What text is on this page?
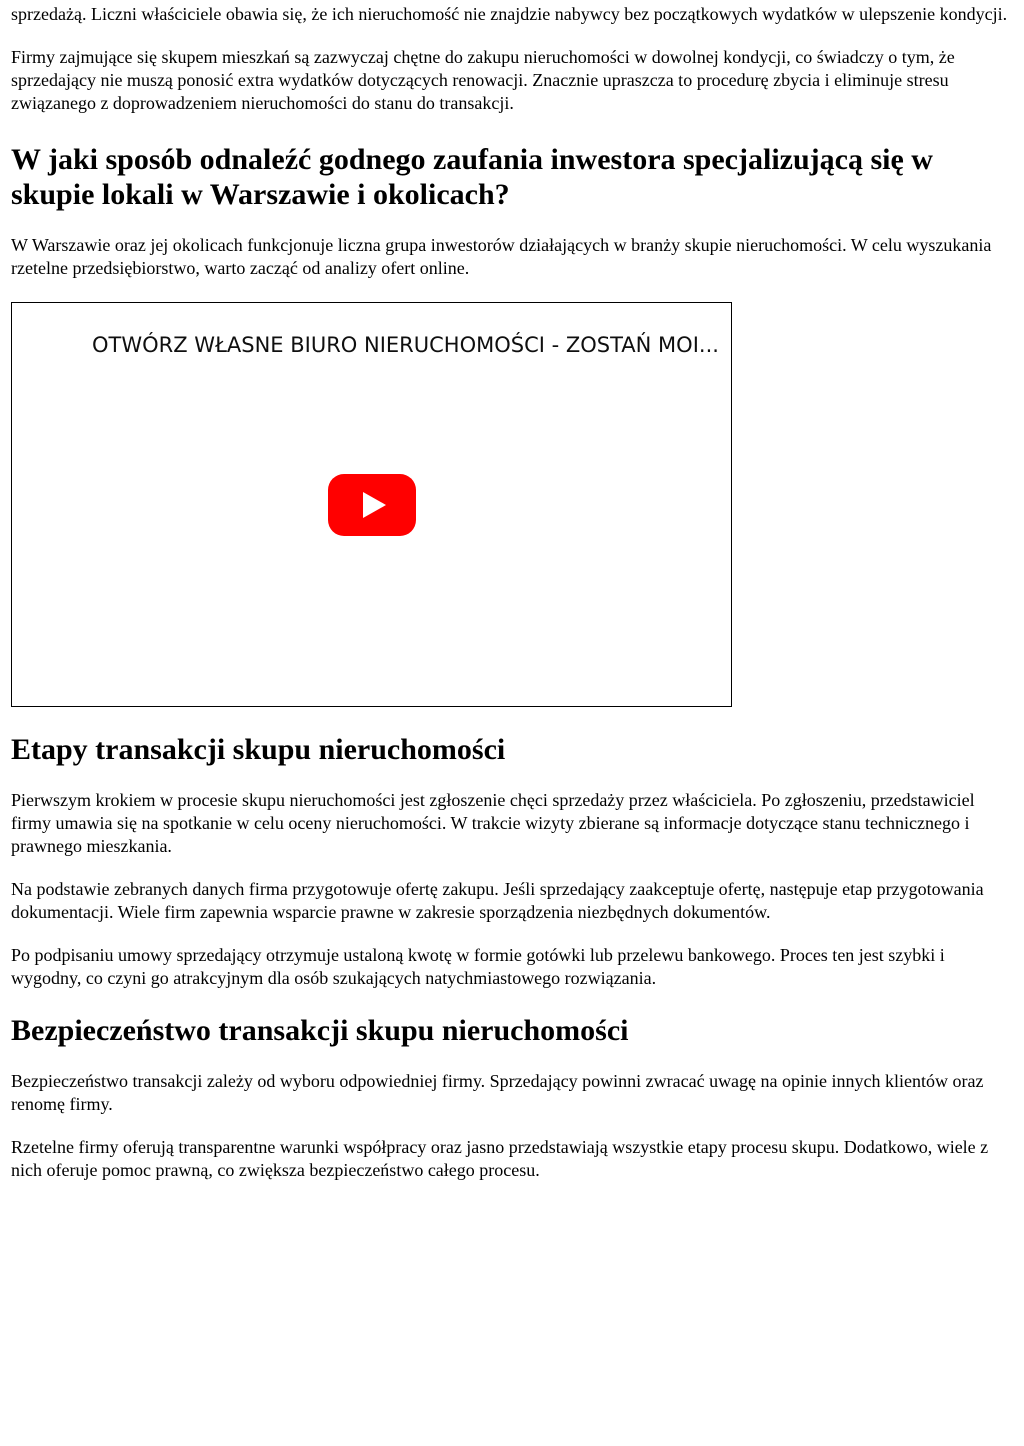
sprzedażą. Liczni właściciele obawia się, że ich nieruchomość nie znajdzie nabywcy bez początkowych wydatków w ulepszenie kondycji.

Firmy zajmujące się skupem mieszkań są zazwyczaj chętne do zakupu nieruchomości w dowolnej kondycji, co świadczy o tym, że sprzedający nie muszą ponosić extra wydatków dotyczących renowacji. Znacznie upraszcza to procedurę zbycia i eliminuje stresu związanego z doprowadzeniem nieruchomości do stanu do transakcji.

W jaki sposób odnaleźć godnego zaufania inwestora specjalizującą się w skupie lokali w Warszawie i okolicach?

W Warszawie oraz jej okolicach funkcjonuje liczna grupa inwestorów działających w branży skupie nieruchomości. W celu wyszukania rzetelne przedsiębiorstwo, warto zacząć od analizy ofert online.

OTWÓRZ WŁASNE BIURO NIERUCHOMOŚCI - ZOSTAŃ MOI...
Etapy transakcji skupu nieruchomości

Pierwszym krokiem w procesie skupu nieruchomości jest zgłoszenie chęci sprzedaży przez właściciela. Po zgłoszeniu, przedstawiciel firmy umawia się na spotkanie w celu oceny nieruchomości. W trakcie wizyty zbierane są informacje dotyczące stanu technicznego i prawnego mieszkania.

Na podstawie zebranych danych firma przygotowuje ofertę zakupu. Jeśli sprzedający zaakceptuje ofertę, następuje etap przygotowania dokumentacji. Wiele firm zapewnia wsparcie prawne w zakresie sporządzenia niezbędnych dokumentów.

Po podpisaniu umowy sprzedający otrzymuje ustaloną kwotę w formie gotówki lub przelewu bankowego. Proces ten jest szybki i wygodny, co czyni go atrakcyjnym dla osób szukających natychmiastowego rozwiązania.

Bezpieczeństwo transakcji skupu nieruchomości

Bezpieczeństwo transakcji zależy od wyboru odpowiedniej firmy. Sprzedający powinni zwracać uwagę na opinie innych klientów oraz renomę firmy.

Rzetelne firmy oferują transparentne warunki współpracy oraz jasno przedstawiają wszystkie etapy procesu skupu. Dodatkowo, wiele z nich oferuje pomoc prawną, co zwiększa bezpieczeństwo całego procesu.
